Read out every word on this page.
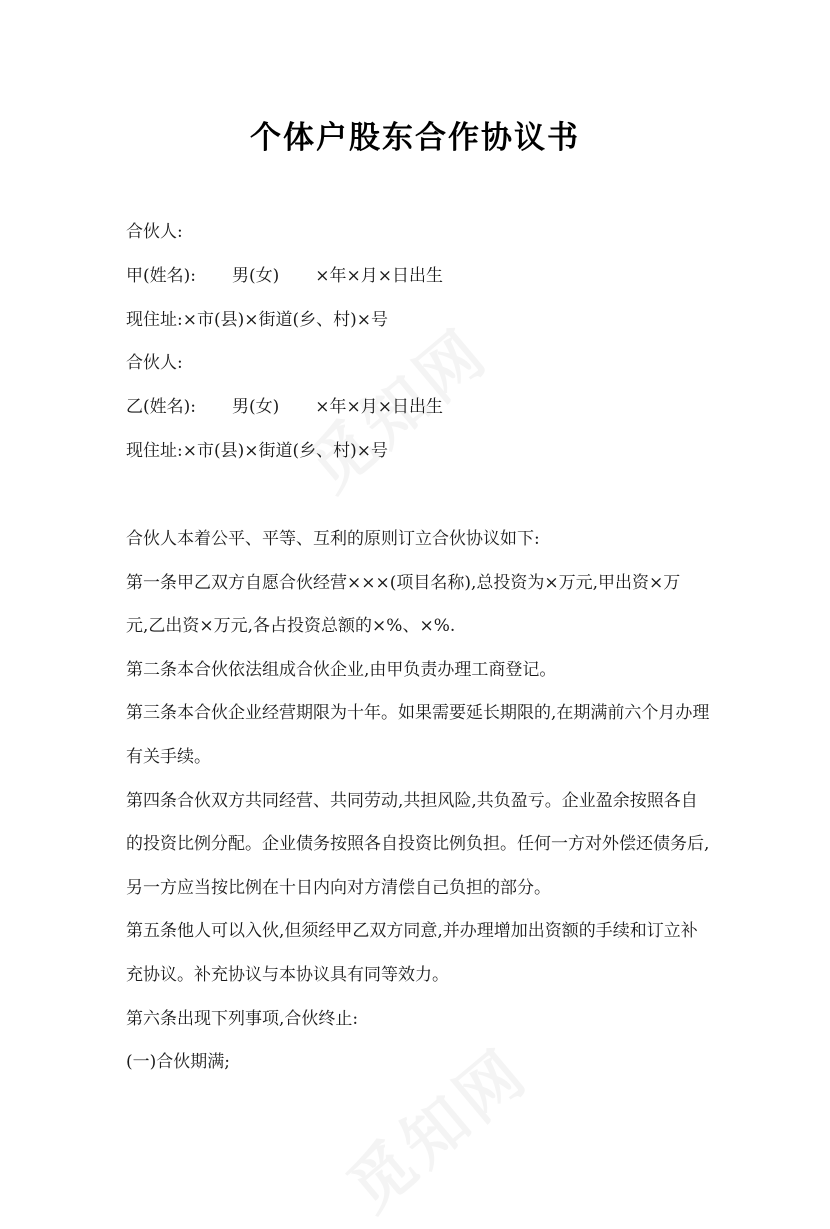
个体户股东合作协议书
合伙人:
甲(姓名): 男(女) ×年×月×日出生
现住址:×市(县)×街道(乡、村)×号
合伙人:
乙(姓名): 男(女) ×年×月×日出生
现住址:×市(县)×街道(乡、村)×号
合伙人本着公平、平等、互利的原则订立合伙协议如下:
第一条甲乙双方自愿合伙经营×××(项目名称),总投资为×万元,甲出资×万
元,乙出资×万元,各占投资总额的×%、×%.
第二条本合伙依法组成合伙企业,由甲负责办理工商登记。
第三条本合伙企业经营期限为十年。如果需要延长期限的,在期满前六个月办理
有关手续。
第四条合伙双方共同经营、共同劳动,共担风险,共负盈亏。企业盈余按照各自
的投资比例分配。企业债务按照各自投资比例负担。任何一方对外偿还债务后,
另一方应当按比例在十日内向对方清偿自己负担的部分。
第五条他人可以入伙,但须经甲乙双方同意,并办理增加出资额的手续和订立补
充协议。补充协议与本协议具有同等效力。
第六条出现下列事项,合伙终止:
(一)合伙期满;
